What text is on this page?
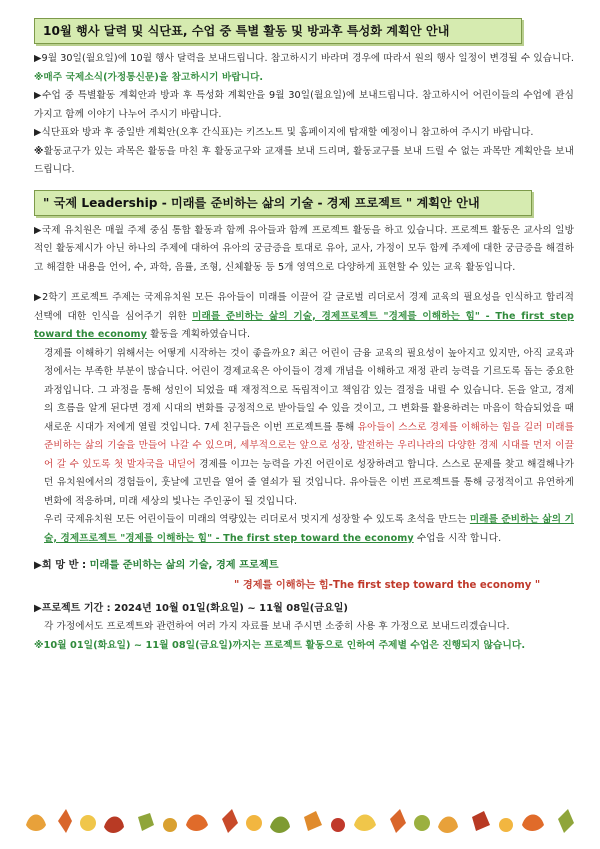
10월 행사 달력 및 식단표, 수업 중 특별 활동 및 방과후 특성화 계획안 안내

▶9월 30일(월요일)에 10월 행사 달력을 보내드립니다. 참고하시기 바라며 경우에 따라서 원의 행사 일정이 변경될 수 있습니다. ※매주 국제소식(가정통신문)을 참고하시기 바랍니다.

▶수업 중 특별활동 계획안과 방과 후 특성화 계획안을 9월 30일(월요일)에 보내드립니다. 참고하시어 어린이들의 수업에 관심 가지고 함께 이야기 나누어 주시기 바랍니다.

▶식단표와 방과 후 중일반 계획안(오후 간식표)는 키즈노트 및 홈페이지에 탑재할 예정이니 참고하여 주시기 바랍니다.

※활동교구가 있는 과목은 활동을 마친 후 활동교구와 교재를 보내 드리며, 활동교구를 보내 드릴 수 없는 과목만 계획안을 보내드립니다.

" 국제 Leadership - 미래를 준비하는 삶의 기술 - 경제 프로젝트 " 계획안 안내

▶국제 유치원은 매월 주제 중심 통합 활동과 함께 유아들과 함께 프로젝트 활동을 하고 있습니다. 프로젝트 활동은 교사의 일방적인 활동제시가 아닌 하나의 주제에 대하여 유아의 궁금증을 토대로 유아, 교사, 가정이 모두 함께 주제에 대한 궁금증을 해결하고 해결한 내용을 언어, 수, 과학, 음률, 조형, 신체활동 등 5개 영역으로 다양하게 표현할 수 있는 교육 활동입니다.

▶2학기 프로젝트 주제는 국제유치원 모든 유아들이 미래를 이끌어 갈 글로벌 리더로서 경제 교육의 필요성을 인식하고 합리적 선택에 대한 인식을 심어주기 위한 미래를 준비하는 삶의 기술, 경제프로젝트 "경제를 이해하는 힘" - The first step toward the economy 활동을 계획하였습니다.

경제를 이해하기 위해서는 어떻게 시작하는 것이 좋을까요? 최근 어린이 금융 교육의 필요성이 높아지고 있지만, 아직 교육과정에서는 부족한 부분이 많습니다. 어린이 경제교육은 아이들이 경제 개념을 이해하고 재정 관리 능력을 기르도록 돕는 중요한 과정입니다. 그 과정을 통해 성인이 되었을 때 재정적으로 독립적이고 책임감 있는 결정을 내릴 수 있습니다. 돈을 알고, 경제의 흐름을 알게 된다면 경제 시대의 변화를 긍정적으로 받아들일 수 있을 것이고, 그 변화를 활용하려는 마음이 학습되었을 때 새로운 시대가 저에게 열릴 것입니다. 7세 친구들은 이번 프로젝트를 통해 유아들이 스스로 경제를 이해하는 힘을 길러 미래를 준비하는 삶의 기술을 만들어 나갈 수 있으며, 세부적으로는 앞으로 성장, 발전하는 우리나라의 다양한 경제 시대를 먼저 이끌어 갈 수 있도록 첫 발자국을 내딛어 경제를 이끄는 능력을 가진 어린이로 성장하려고 합니다. 스스로 문제를 찾고 해결해나가던 유치원에서의 경험들이, 훗날에 고민을 열어 줄 열쇠가 될 것입니다. 유아들은 이번 프로젝트를 통해 긍정적이고 유연하게 변화에 적응하며, 미래 세상의 빛나는 주인공이 될 것입니다.

우리 국제유치원 모든 어린이들이 미래의 역량있는 리더로서 멋지게 성장할 수 있도록 초석을 만드는 미래를 준비하는 삶의 기술, 경제프로젝트 "경제를 이해하는 힘" - The first step toward the economy 수업을 시작 합니다.

▶희 망 반 : 미래를 준비하는 삶의 기술, 경제 프로젝트
" 경제를 이해하는 힘-The first step toward the economy "
▶프로젝트 기간 : 2024년 10월 01일(화요일) ~ 11월 08일(금요일)

각 가정에서도 프로젝트와 관련하여 여러 가지 자료를 보내 주시면 소중히 사용 후 가정으로 보내드리겠습니다.

※10월 01일(화요일) ~ 11월 08일(금요일)까지는 프로젝트 활동으로 인하여 주제별 수업은 진행되지 않습니다.
